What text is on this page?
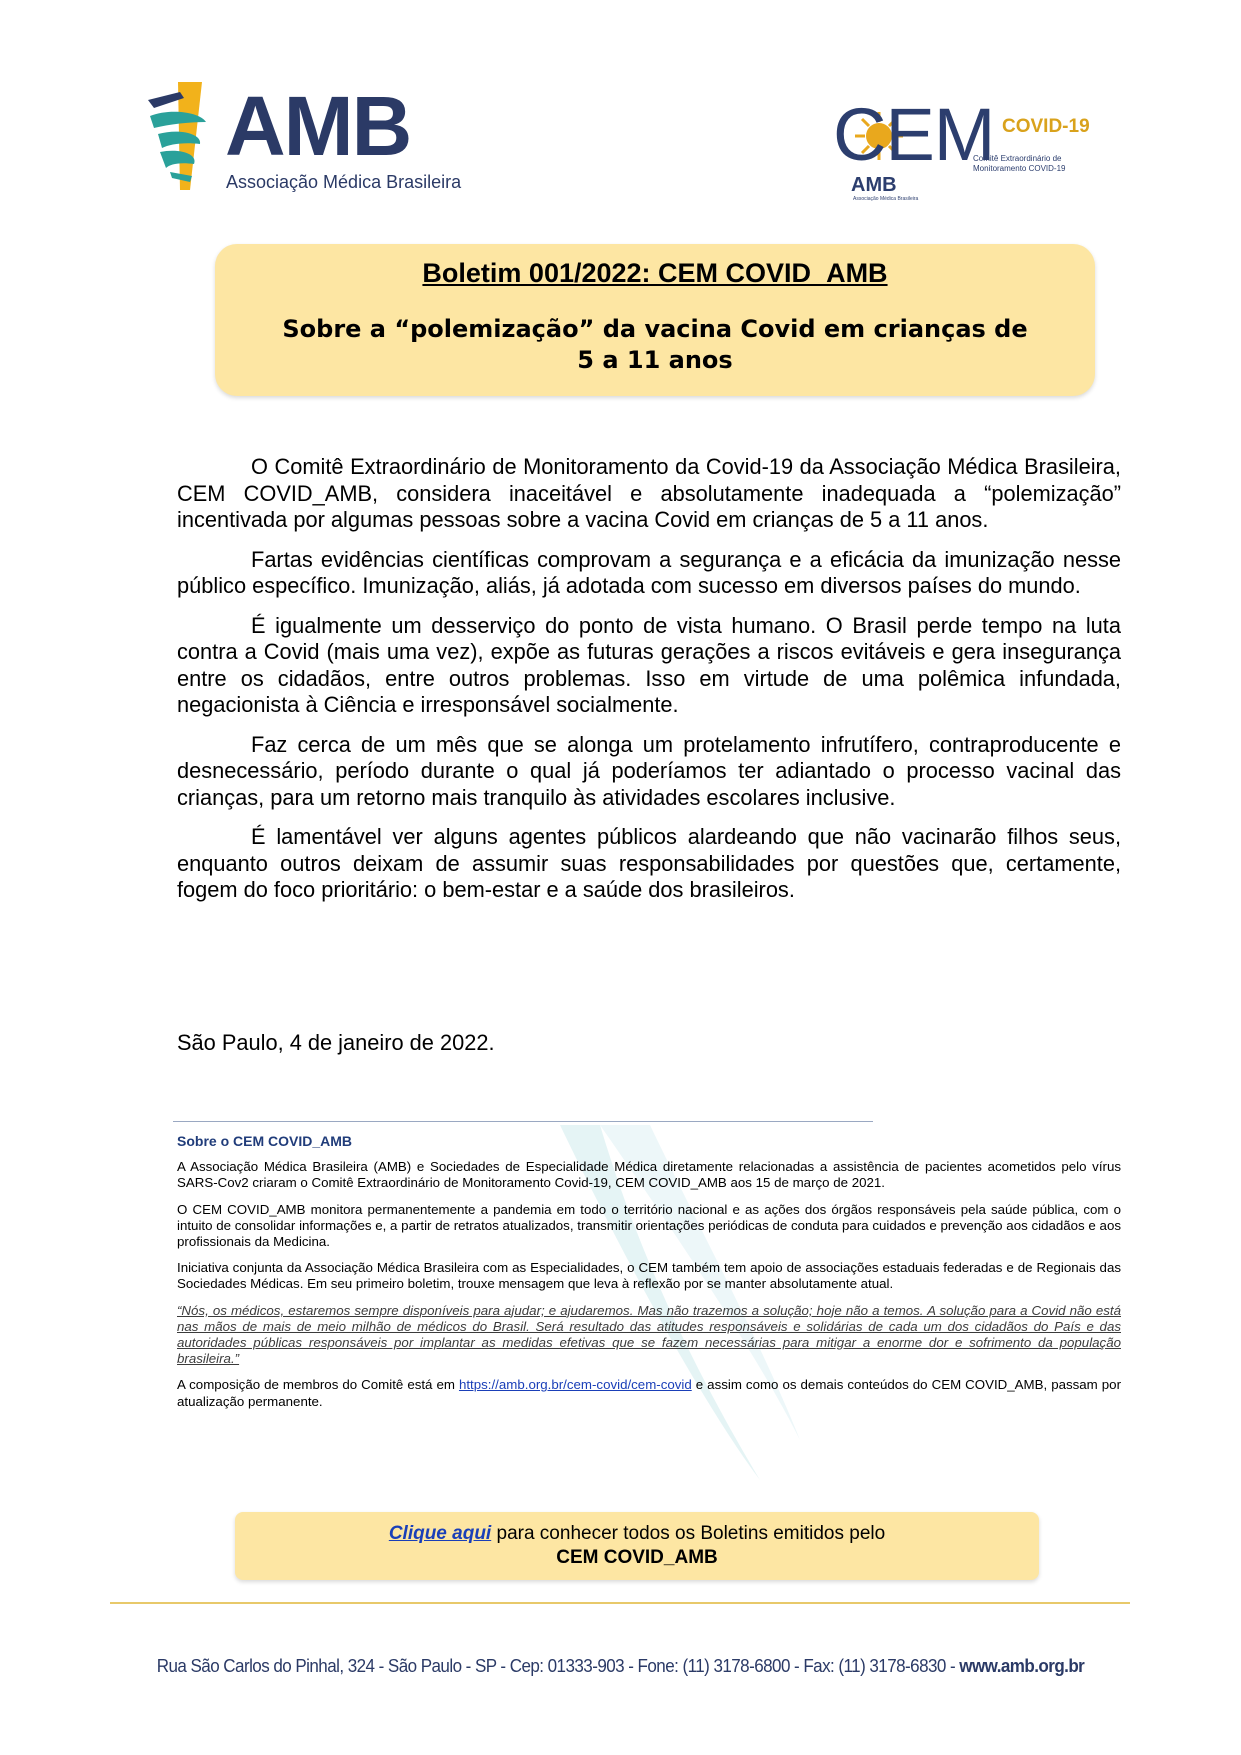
AMB
Associação Médica Brasileira
CEM COVID-19
Comitê Extraordinário de Monitoramento COVID-19
AMB
Associação Médica Brasileira
Boletim 001/2022: CEM COVID_AMB
Sobre a “polemização” da vacina Covid em crianças de 5 a 11 anos

O Comitê Extraordinário de Monitoramento da Covid-19 da Associação Médica Brasileira, CEM COVID_AMB, considera inaceitável e absolutamente inadequada a “polemização” incentivada por algumas pessoas sobre a vacina Covid em crianças de 5 a 11 anos.

Fartas evidências científicas comprovam a segurança e a eficácia da imunização nesse público específico. Imunização, aliás, já adotada com sucesso em diversos países do mundo.

É igualmente um desserviço do ponto de vista humano. O Brasil perde tempo na luta contra a Covid (mais uma vez), expõe as futuras gerações a riscos evitáveis e gera insegurança entre os cidadãos, entre outros problemas. Isso em virtude de uma polêmica infundada, negacionista à Ciência e irresponsável socialmente.

Faz cerca de um mês que se alonga um protelamento infrutífero, contraproducente e desnecessário, período durante o qual já poderíamos ter adiantado o processo vacinal das crianças, para um retorno mais tranquilo às atividades escolares inclusive.

É lamentável ver alguns agentes públicos alardeando que não vacinarão filhos seus, enquanto outros deixam de assumir suas responsabilidades por questões que, certamente, fogem do foco prioritário: o bem-estar e a saúde dos brasileiros.

São Paulo, 4 de janeiro de 2022.
Sobre o CEM COVID_AMB

A Associação Médica Brasileira (AMB) e Sociedades de Especialidade Médica diretamente relacionadas a assistência de pacientes acometidos pelo vírus SARS-Cov2 criaram o Comitê Extraordinário de Monitoramento Covid-19, CEM COVID_AMB aos 15 de março de 2021.

O CEM COVID_AMB monitora permanentemente a pandemia em todo o território nacional e as ações dos órgãos responsáveis pela saúde pública, com o intuito de consolidar informações e, a partir de retratos atualizados, transmitir orientações periódicas de conduta para cuidados e prevenção aos cidadãos e aos profissionais da Medicina.

Iniciativa conjunta da Associação Médica Brasileira com as Especialidades, o CEM também tem apoio de associações estaduais federadas e de Regionais das Sociedades Médicas. Em seu primeiro boletim, trouxe mensagem que leva à reflexão por se manter absolutamente atual.

“Nós, os médicos, estaremos sempre disponíveis para ajudar; e ajudaremos. Mas não trazemos a solução; hoje não a temos. A solução para a Covid não está nas mãos de mais de meio milhão de médicos do Brasil. Será resultado das atitudes responsáveis e solidárias de cada um dos cidadãos do País e das autoridades públicas responsáveis por implantar as medidas efetivas que se fazem necessárias para mitigar a enorme dor e sofrimento da população brasileira.”

A composição de membros do Comitê está em https://amb.org.br/cem-covid/cem-covid e assim como os demais conteúdos do CEM COVID_AMB, passam por atualização permanente.

Clique aqui para conhecer todos os Boletins emitidos pelo
CEM COVID_AMB
Rua São Carlos do Pinhal, 324 - São Paulo - SP - Cep: 01333-903 - Fone: (11) 3178-6800 - Fax: (11) 3178-6830 - www.amb.org.br
